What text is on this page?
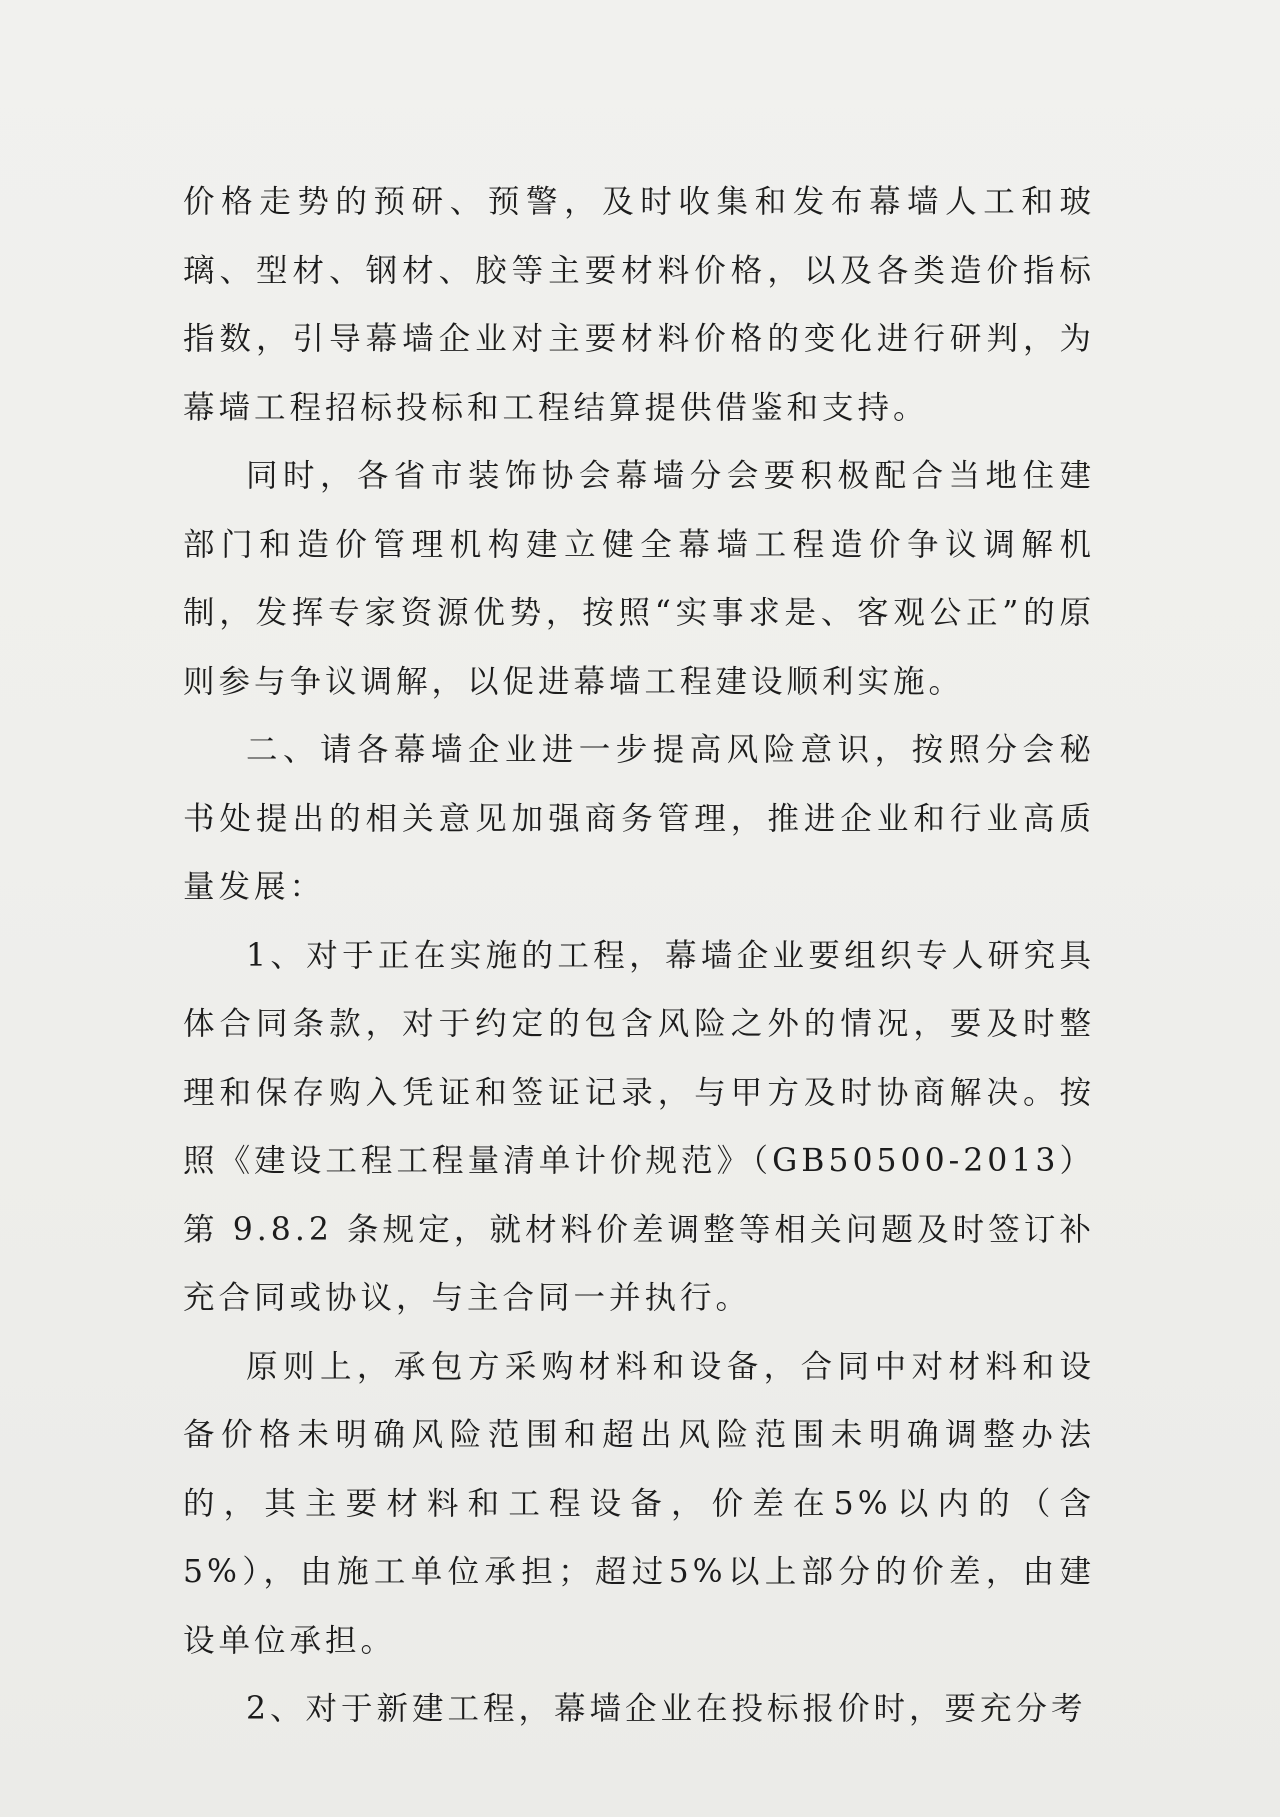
价格走势的预研、预警，及时收集和发布幕墙人工和玻璃、型材、钢材、胶等主要材料价格，以及各类造价指标指数，引导幕墙企业对主要材料价格的变化进行研判，为幕墙工程招标投标和工程结算提供借鉴和支持。

同时，各省市装饰协会幕墙分会要积极配合当地住建部门和造价管理机构建立健全幕墙工程造价争议调解机制，发挥专家资源优势，按照“实事求是、客观公正”的原则参与争议调解，以促进幕墙工程建设顺利实施。

二、请各幕墙企业进一步提高风险意识，按照分会秘书处提出的相关意见加强商务管理，推进企业和行业高质量发展：

1、对于正在实施的工程，幕墙企业要组织专人研究具体合同条款，对于约定的包含风险之外的情况，要及时整理和保存购入凭证和签证记录，与甲方及时协商解决。按照《建设工程工程量清单计价规范》（GB50500-2013）第 9.8.2 条规定，就材料价差调整等相关问题及时签订补充合同或协议，与主合同一并执行。

原则上，承包方采购材料和设备，合同中对材料和设备价格未明确风险范围和超出风险范围未明确调整办法的，其主要材料和工程设备，价差在5%以内的（含5%），由施工单位承担；超过5%以上部分的价差，由建设单位承担。

2、对于新建工程，幕墙企业在投标报价时，要充分考
